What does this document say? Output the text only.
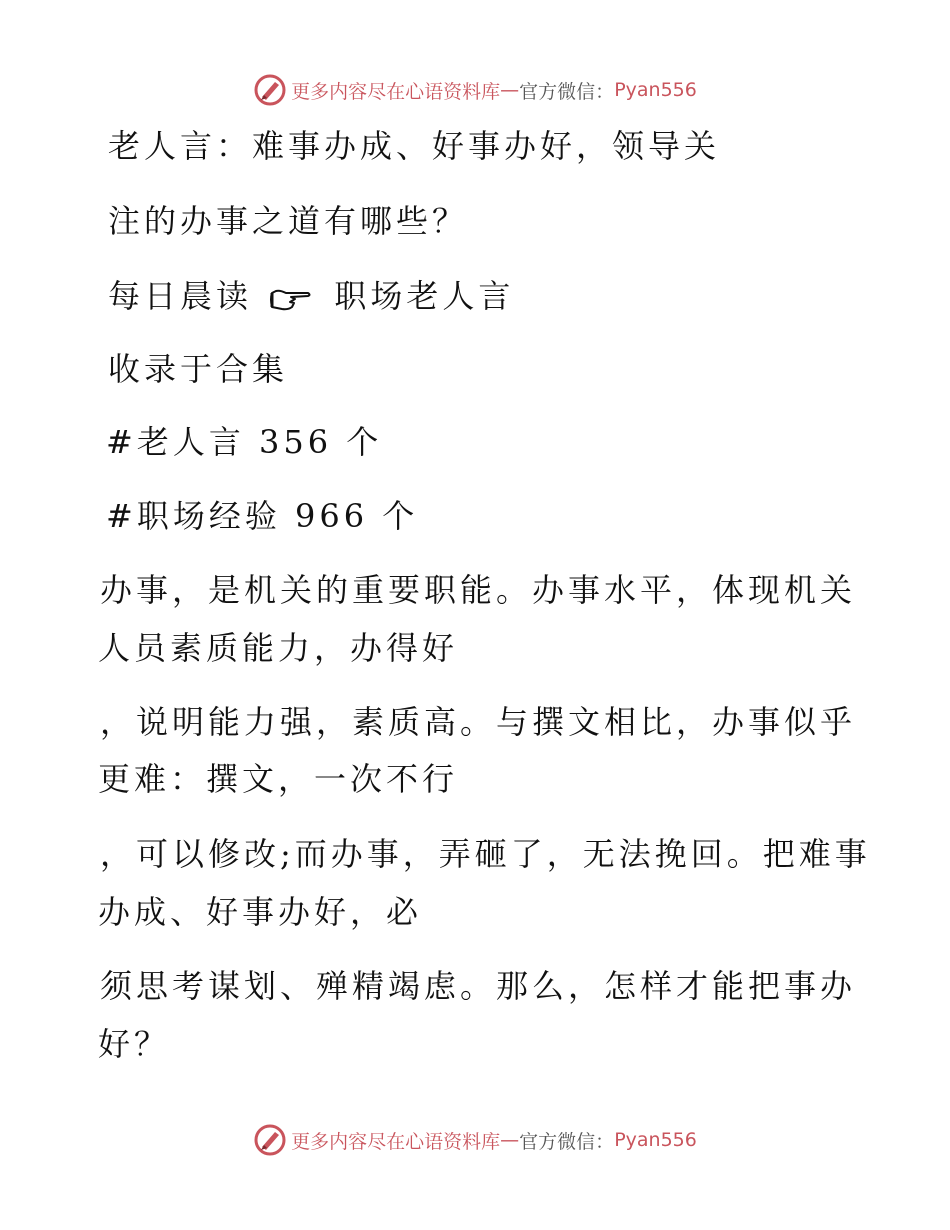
更多内容尽在心语资料库 — 官方微信： Pyan556
老人言：难事办成、好事办好，领导关
注的办事之道有哪些？
每日晨读	职场老人言
收录于合集
#老人言 356 个
#职场经验 966 个
办事，是机关的重要职能。办事水平，体现机关
人员素质能力，办得好
，说明能力强，素质高。与撰文相比，办事似乎
更难：撰文，一次不行
，可以修改;而办事，弄砸了，无法挽回。把难事
办成、好事办好，必
须思考谋划、殚精竭虑。那么，怎样才能把事办
好？
更多内容尽在心语资料库 — 官方微信： Pyan556
